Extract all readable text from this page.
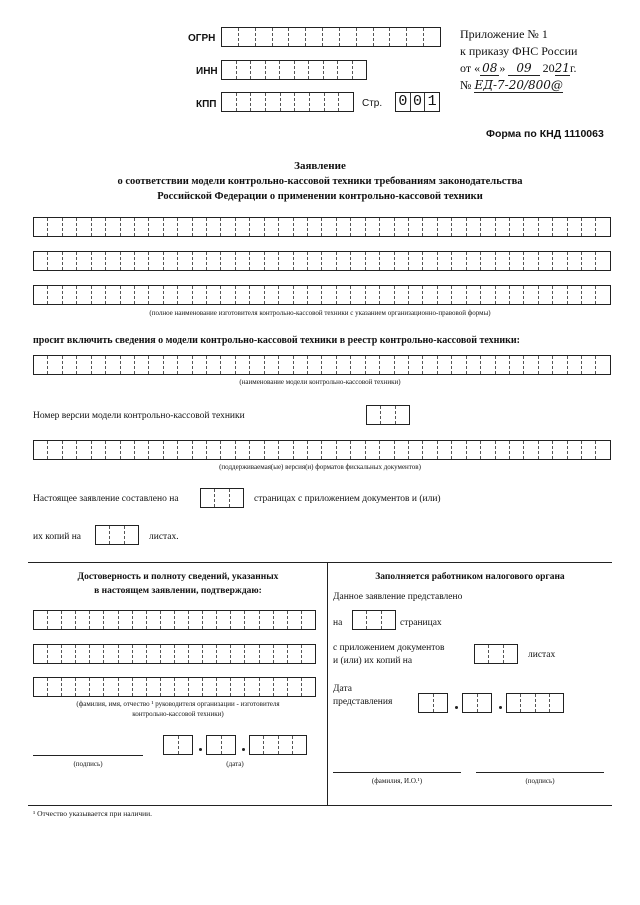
ОГРН
ИНН
КПП	Стр. 0 0 1
Приложение № 1
к приказу ФНС России
от « 08 » 09 2021г.
№ ЕД-7-20/800@
Форма по КНД 1110063
Заявление
о соответствии модели контрольно-кассовой техники требованиям законодательства
Российской Федерации о применении контрольно-кассовой техники
(полное наименование изготовителя контрольно-кассовой техники с указанием организационно-правовой формы)
просит включить сведения о модели контрольно-кассовой техники в реестр контрольно-кассовой техники:
(наименование модели контрольно-кассовой техники)
Номер версии модели контрольно-кассовой техники
(поддерживаемая(ые) версия(и) форматов фискальных документов)
Настоящее заявление составлено на	страницах с приложением документов и (или)
их копий на	листах.
Достоверность и полноту сведений, указанных
в настоящем заявлении, подтверждаю:
(фамилия, имя, отчество ¹ руководителя организации - изготовителя
контрольно-кассовой техники)
(подпись)	(дата)
Заполняется работником налогового органа
Данное заявление представлено
на	страницах
с приложением документов
и (или) их копий на
листах
Дата
представления
(фамилия, И.О.¹)	(подпись)
¹ Отчество указывается при наличии.
